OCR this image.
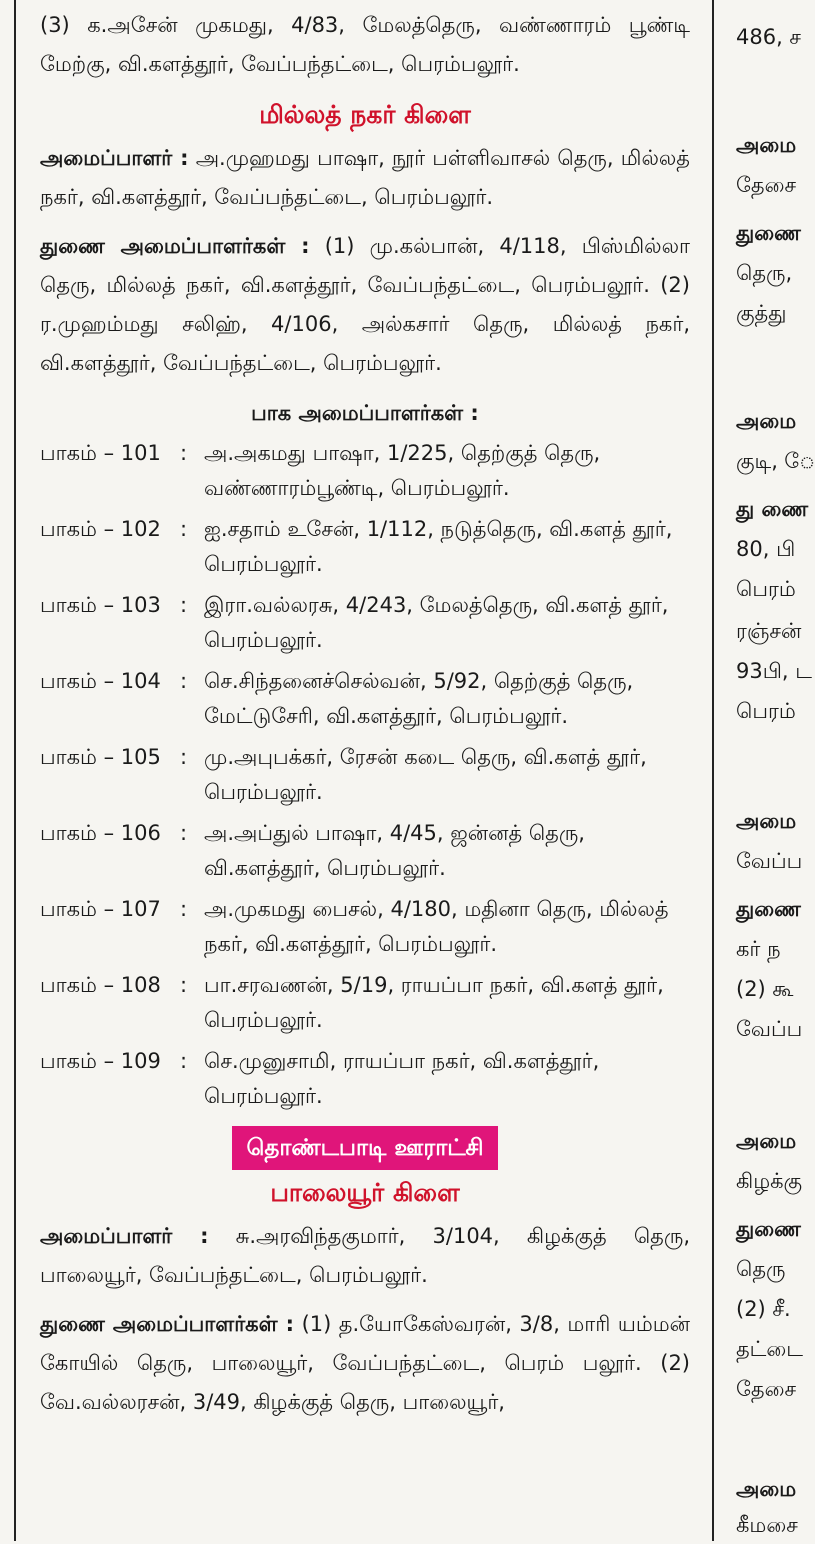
(3) க.அசேன் முகமது, 4/83, மேலத்தெரு, வண்ணாரம் பூண்டி மேற்கு, வி.களத்தூர், வேப்பந்தட்டை, பெரம்பலூர்.

மில்லத் நகர் கிளை

அமைப்பாளர் : அ.முஹமது பாஷா, நூர் பள்ளிவாசல் தெரு, மில்லத் நகர், வி.களத்தூர், வேப்பந்தட்டை, பெரம்பலூர்.

துணை அமைப்பாளர்கள் : (1) மு.கல்பான், 4/118, பிஸ்மில்லா தெரு, மில்லத் நகர், வி.களத்தூர், வேப்பந்தட்டை, பெரம்பலூர். (2) ர.முஹம்மது சலிஹ், 4/106, அல்கசார் தெரு, மில்லத் நகர், வி.களத்தூர், வேப்பந்தட்டை, பெரம்பலூர்.

பாக அமைப்பாளர்கள் :
பாகம் – 101 : அ.அகமது பாஷா, 1/225, தெற்குத் தெரு, வண்ணாரம்பூண்டி, பெரம்பலூர்.
பாகம் – 102 : ஐ.சதாம் உசேன், 1/112, நடுத்தெரு, வி.களத் தூர், பெரம்பலூர்.
பாகம் – 103 : இரா.வல்லரசு, 4/243, மேலத்தெரு, வி.களத் தூர், பெரம்பலூர்.
பாகம் – 104 : செ.சிந்தனைச்செல்வன், 5/92, தெற்குத் தெரு, மேட்டுசேரி, வி.களத்தூர், பெரம்பலூர்.
பாகம் – 105 : மு.அபுபக்கர், ரேசன் கடை தெரு, வி.களத் தூர், பெரம்பலூர்.
பாகம் – 106 : அ.அப்துல் பாஷா, 4/45, ஜன்னத் தெரு, வி.களத்தூர், பெரம்பலூர்.
பாகம் – 107 : அ.முகமது பைசல், 4/180, மதினா தெரு, மில்லத் நகர், வி.களத்தூர், பெரம்பலூர்.
பாகம் – 108 : பா.சரவணன், 5/19, ராயப்பா நகர், வி.களத் தூர், பெரம்பலூர்.
பாகம் – 109 : செ.முனுசாமி, ராயப்பா நகர், வி.களத்தூர், பெரம்பலூர்.
தொண்டபாடி ஊராட்சி
பாலையூர் கிளை

அமைப்பாளர் : சு.அரவிந்தகுமார், 3/104, கிழக்குத் தெரு, பாலையூர், வேப்பந்தட்டை, பெரம்பலூர்.

துணை அமைப்பாளர்கள் : (1) த.யோகேஸ்வரன், 3/8, மாரி யம்மன் கோயில் தெரு, பாலையூர், வேப்பந்தட்டை, பெரம் பலூர். (2) வே.வல்லரசன், 3/49, கிழக்குத் தெரு, பாலையூர்,

486, ச
அமை
தேசை
துணை
தெரு,
குத்து
அமை
குடி, ே
து ணை
80, பி
பெரம்
ரஞ்சன்
93பி, ட
பெரம்
அமை
வேப்ப
துணை
கர் ந
(2) கூ
வேப்ப
அமை
கிழக்கு
துணை
தெரு
(2) சீ.
தட்டை
தேசை
அமை
கீமசை
